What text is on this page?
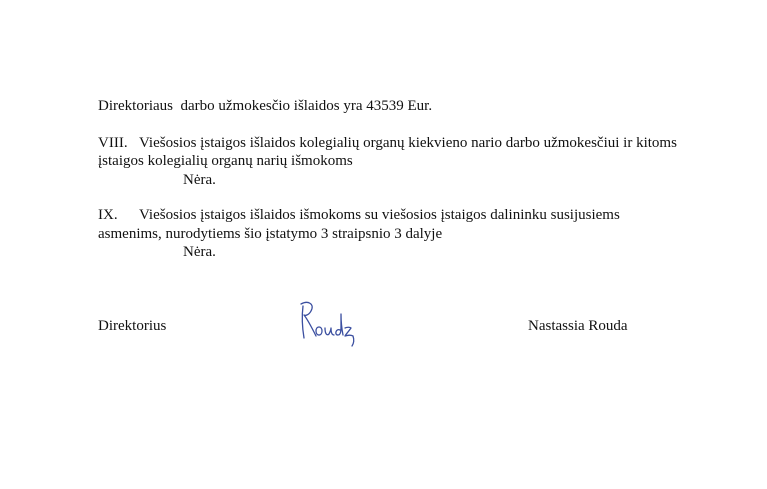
Direktoriaus  darbo užmokesčio išlaidos yra 43539 Eur.
VIII. Viešosios įstaigos išlaidos kolegialių organų kiekvieno nario darbo užmokesčiui ir kitoms
įstaigos kolegialių organų narių išmokoms
Nėra.
IX. Viešosios įstaigos išlaidos išmokoms su viešosios įstaigos dalininku susijusiems
asmenims, nurodytiems šio įstatymo 3 straipsnio 3 dalyje
Nėra.
Direktorius	Nastassia Rouda
